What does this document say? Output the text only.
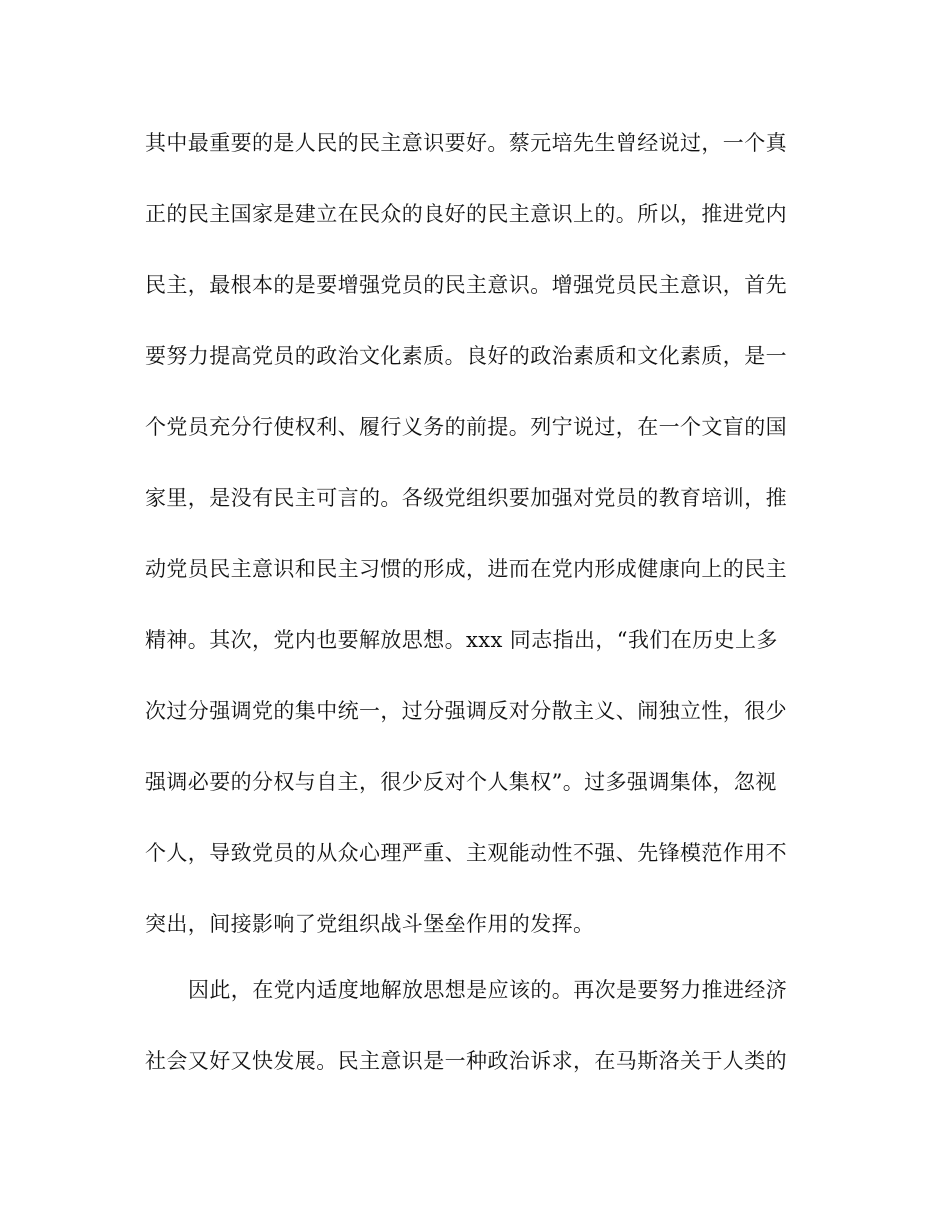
其中最重要的是人民的民主意识要好。蔡元培先生曾经说过，一个真
正的民主国家是建立在民众的良好的民主意识上的。所以，推进党内
民主，最根本的是要增强党员的民主意识。增强党员民主意识，首先
要努力提高党员的政治文化素质。良好的政治素质和文化素质，是一
个党员充分行使权利、履行义务的前提。列宁说过，在一个文盲的国
家里，是没有民主可言的。各级党组织要加强对党员的教育培训，推
动党员民主意识和民主习惯的形成，进而在党内形成健康向上的民主
精神。其次，党内也要解放思想。xxx 同志指出，“我们在历史上多
次过分强调党的集中统一，过分强调反对分散主义、闹独立性，很少
强调必要的分权与自主，很少反对个人集权”。过多强调集体，忽视
个人，导致党员的从众心理严重、主观能动性不强、先锋模范作用不
突出，间接影响了党组织战斗堡垒作用的发挥。
因此，在党内适度地解放思想是应该的。再次是要努力推进经济
社会又好又快发展。民主意识是一种政治诉求，在马斯洛关于人类的
